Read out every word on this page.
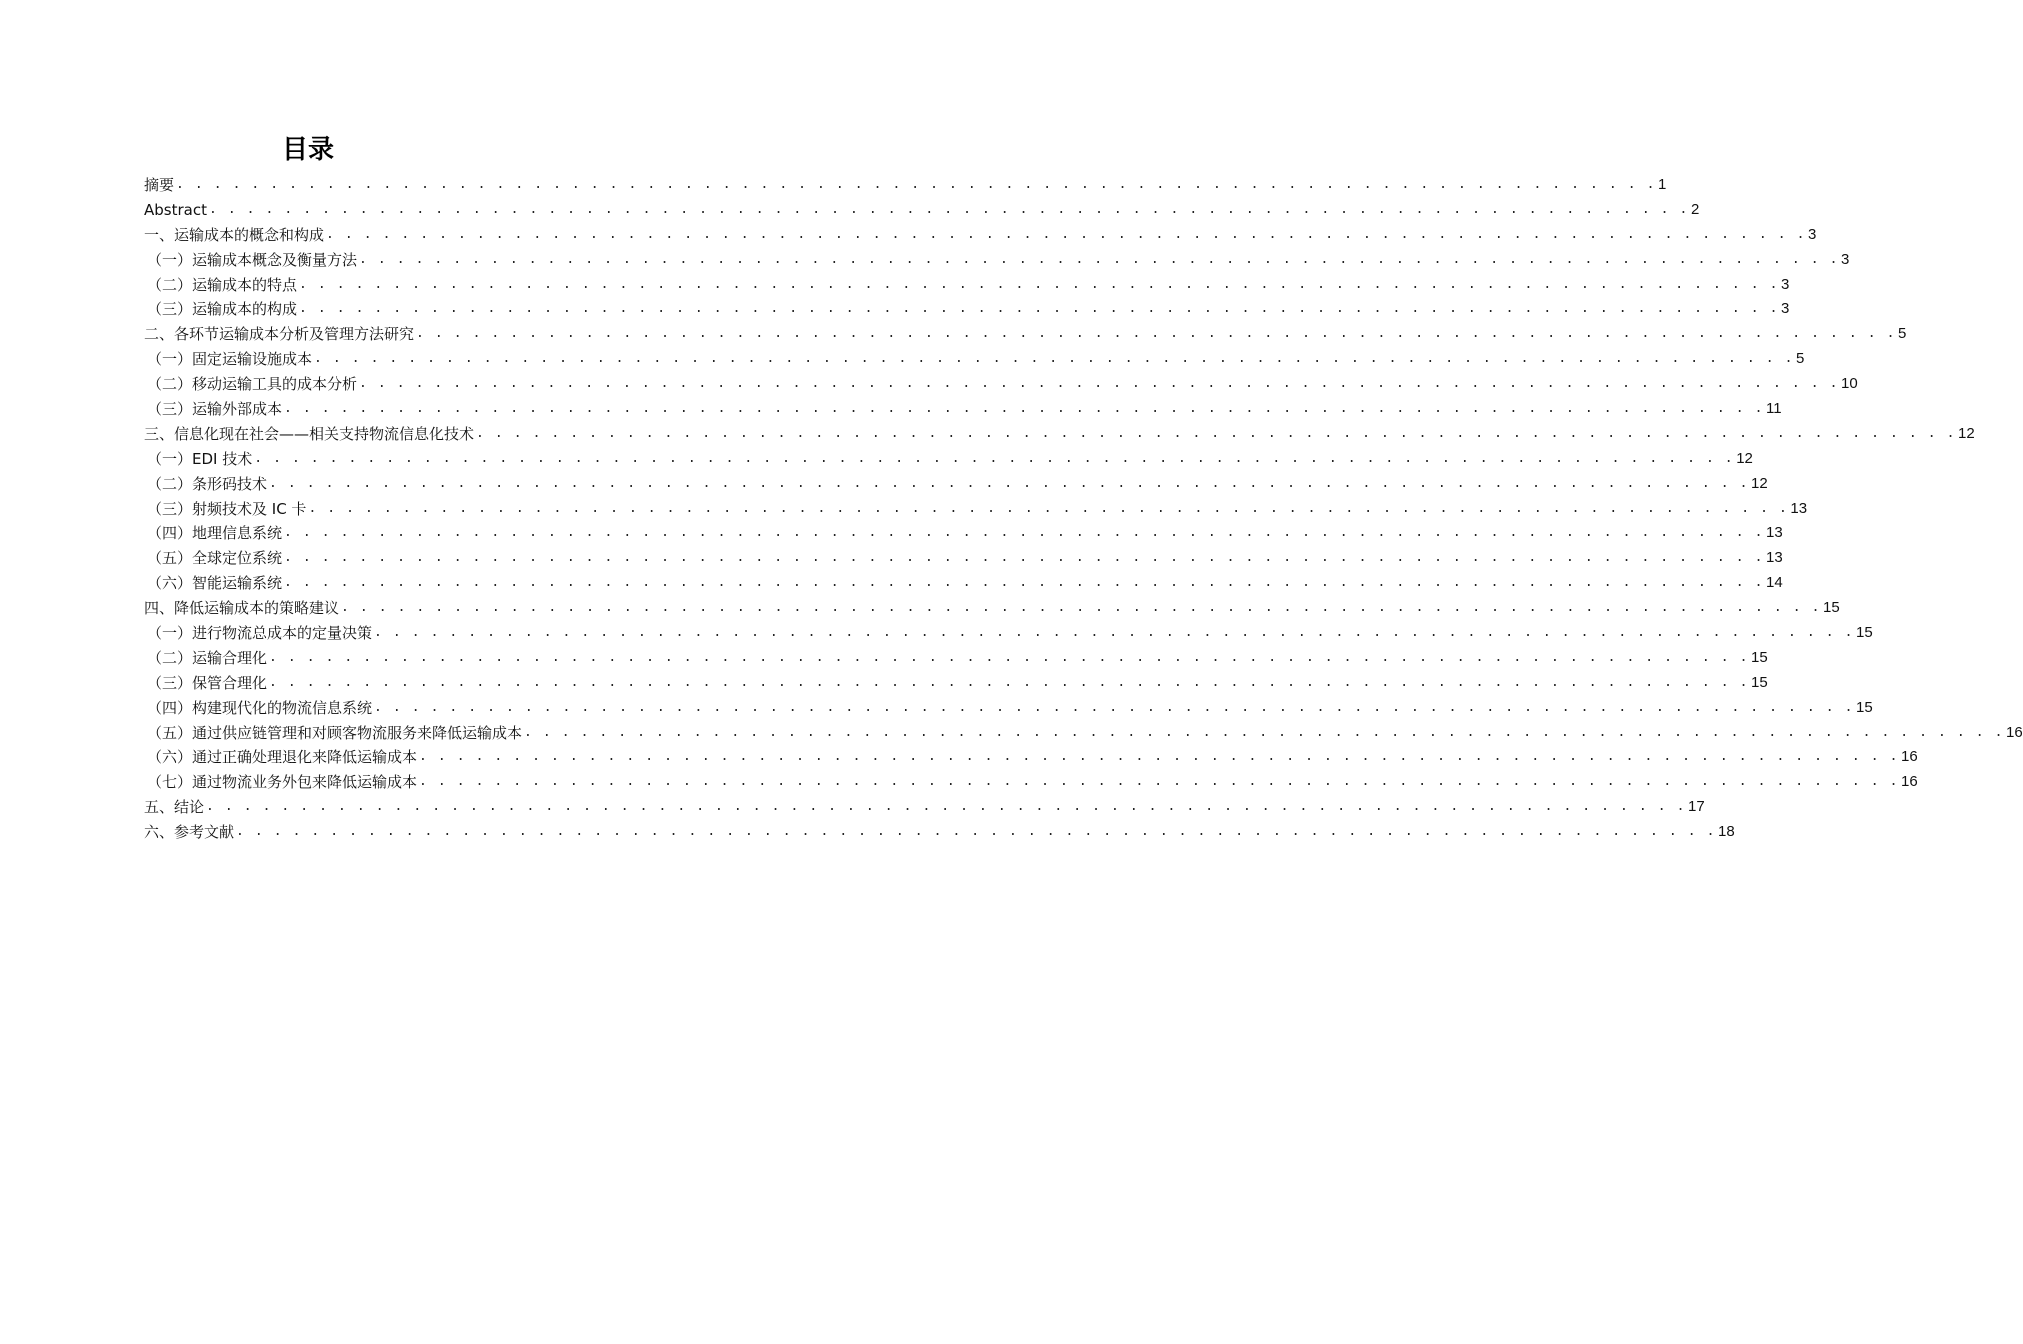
目录
摘要 . . . . . . . . . . . . . . . . . . . . . . . . . . . . . . . . . . . . . . . . . . . . . . . . . . . . . . . . . . . . . . . . . . . . . . . . . . . . . . . 1
Abstract . . . . . . . . . . . . . . . . . . . . . . . . . . . . . . . . . . . . . . . . . . . . . . . . . . . . . . . . . . . . . . . . . . . . . . . . . . . . . . . 2
一、运输成本的概念和构成 . . . . . . . . . . . . . . . . . . . . . . . . . . . . . . . . . . . . . . . . . . . . . . . . . . . . . . . . . . . . . . . . . . . . . . . . . . . . . . . 3
（一）运输成本概念及衡量方法 . . . . . . . . . . . . . . . . . . . . . . . . . . . . . . . . . . . . . . . . . . . . . . . . . . . . . . . . . . . . . . . . . . . . . . . . . . . . . . . 3
（二）运输成本的特点 . . . . . . . . . . . . . . . . . . . . . . . . . . . . . . . . . . . . . . . . . . . . . . . . . . . . . . . . . . . . . . . . . . . . . . . . . . . . . . . 3
（三）运输成本的构成 . . . . . . . . . . . . . . . . . . . . . . . . . . . . . . . . . . . . . . . . . . . . . . . . . . . . . . . . . . . . . . . . . . . . . . . . . . . . . . . 3
二、各环节运输成本分析及管理方法研究 . . . . . . . . . . . . . . . . . . . . . . . . . . . . . . . . . . . . . . . . . . . . . . . . . . . . . . . . . . . . . . . . . . . . . . . . . . . . . . . 5
（一）固定运输设施成本 . . . . . . . . . . . . . . . . . . . . . . . . . . . . . . . . . . . . . . . . . . . . . . . . . . . . . . . . . . . . . . . . . . . . . . . . . . . . . . . 5
（二）移动运输工具的成本分析 . . . . . . . . . . . . . . . . . . . . . . . . . . . . . . . . . . . . . . . . . . . . . . . . . . . . . . . . . . . . . . . . . . . . . . . . . . . . . . . 10
（三）运输外部成本 . . . . . . . . . . . . . . . . . . . . . . . . . . . . . . . . . . . . . . . . . . . . . . . . . . . . . . . . . . . . . . . . . . . . . . . . . . . . . . . 11
三、信息化现在社会——相关支持物流信息化技术 . . . . . . . . . . . . . . . . . . . . . . . . . . . . . . . . . . . . . . . . . . . . . . . . . . . . . . . . . . . . . . . . . . . . . . . . . . . . . . . 12
（一）EDI 技术 . . . . . . . . . . . . . . . . . . . . . . . . . . . . . . . . . . . . . . . . . . . . . . . . . . . . . . . . . . . . . . . . . . . . . . . . . . . . . . . 12
（二）条形码技术 . . . . . . . . . . . . . . . . . . . . . . . . . . . . . . . . . . . . . . . . . . . . . . . . . . . . . . . . . . . . . . . . . . . . . . . . . . . . . . . 12
（三）射频技术及 IC 卡 . . . . . . . . . . . . . . . . . . . . . . . . . . . . . . . . . . . . . . . . . . . . . . . . . . . . . . . . . . . . . . . . . . . . . . . . . . . . . . . 13
（四）地理信息系统 . . . . . . . . . . . . . . . . . . . . . . . . . . . . . . . . . . . . . . . . . . . . . . . . . . . . . . . . . . . . . . . . . . . . . . . . . . . . . . . 13
（五）全球定位系统 . . . . . . . . . . . . . . . . . . . . . . . . . . . . . . . . . . . . . . . . . . . . . . . . . . . . . . . . . . . . . . . . . . . . . . . . . . . . . . . 13
（六）智能运输系统 . . . . . . . . . . . . . . . . . . . . . . . . . . . . . . . . . . . . . . . . . . . . . . . . . . . . . . . . . . . . . . . . . . . . . . . . . . . . . . . 14
四、降低运输成本的策略建议 . . . . . . . . . . . . . . . . . . . . . . . . . . . . . . . . . . . . . . . . . . . . . . . . . . . . . . . . . . . . . . . . . . . . . . . . . . . . . . . 15
（一）进行物流总成本的定量决策 . . . . . . . . . . . . . . . . . . . . . . . . . . . . . . . . . . . . . . . . . . . . . . . . . . . . . . . . . . . . . . . . . . . . . . . . . . . . . . . 15
（二）运输合理化 . . . . . . . . . . . . . . . . . . . . . . . . . . . . . . . . . . . . . . . . . . . . . . . . . . . . . . . . . . . . . . . . . . . . . . . . . . . . . . . 15
（三）保管合理化 . . . . . . . . . . . . . . . . . . . . . . . . . . . . . . . . . . . . . . . . . . . . . . . . . . . . . . . . . . . . . . . . . . . . . . . . . . . . . . . 15
（四）构建现代化的物流信息系统 . . . . . . . . . . . . . . . . . . . . . . . . . . . . . . . . . . . . . . . . . . . . . . . . . . . . . . . . . . . . . . . . . . . . . . . . . . . . . . . 15
（五）通过供应链管理和对顾客物流服务来降低运输成本 . . . . . . . . . . . . . . . . . . . . . . . . . . . . . . . . . . . . . . . . . . . . . . . . . . . . . . . . . . . . . . . . . . . . . . . . . . . . . . . 16
（六）通过正确处理退化来降低运输成本 . . . . . . . . . . . . . . . . . . . . . . . . . . . . . . . . . . . . . . . . . . . . . . . . . . . . . . . . . . . . . . . . . . . . . . . . . . . . . . . 16
（七）通过物流业务外包来降低运输成本 . . . . . . . . . . . . . . . . . . . . . . . . . . . . . . . . . . . . . . . . . . . . . . . . . . . . . . . . . . . . . . . . . . . . . . . . . . . . . . . 16
五、结论 . . . . . . . . . . . . . . . . . . . . . . . . . . . . . . . . . . . . . . . . . . . . . . . . . . . . . . . . . . . . . . . . . . . . . . . . . . . . . . . 17
六、参考文献 . . . . . . . . . . . . . . . . . . . . . . . . . . . . . . . . . . . . . . . . . . . . . . . . . . . . . . . . . . . . . . . . . . . . . . . . . . . . . . . 18
